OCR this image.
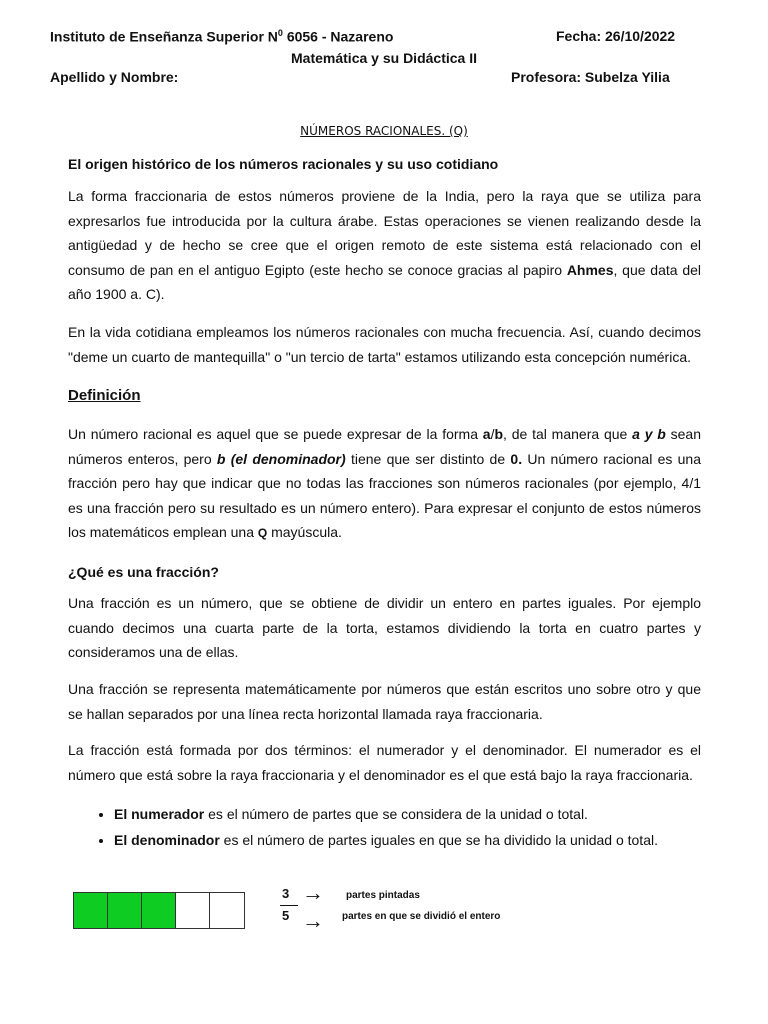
Instituto de Enseñanza Superior $N^0$ 6056 - Nazareno	Fecha: 26/10/2022
Matemática y su Didáctica II
Apellido y Nombre:	Profesora: Subelza Yilia
NÚMEROS RACIONALES. (Q)
El origen histórico de los números racionales y su uso cotidiano

La forma fraccionaria de estos números proviene de la India, pero la raya que se utiliza para expresarlos fue introducida por la cultura árabe. Estas operaciones se vienen realizando desde la antigüedad y de hecho se cree que el origen remoto de este sistema está relacionado con el consumo de pan en el antiguo Egipto (este hecho se conoce gracias al papiro Ahmes, que data del año 1900 a. C).

En la vida cotidiana empleamos los números racionales con mucha frecuencia. Así, cuando decimos "deme un cuarto de mantequilla" o "un tercio de tarta" estamos utilizando esta concepción numérica.

Definición

Un número racional es aquel que se puede expresar de la forma a/b, de tal manera que a y b sean números enteros, pero b (el denominador) tiene que ser distinto de 0. Un número racional es una fracción pero hay que indicar que no todas las fracciones son números racionales (por ejemplo, 4/1 es una fracción pero su resultado es un número entero). Para expresar el conjunto de estos números los matemáticos emplean una Q mayúscula.

¿Qué es una fracción?

Una fracción es un número, que se obtiene de dividir un entero en partes iguales. Por ejemplo cuando decimos una cuarta parte de la torta, estamos dividiendo la torta en cuatro partes y consideramos una de ellas.

Una fracción se representa matemáticamente por números que están escritos uno sobre otro y que se hallan separados por una línea recta horizontal llamada raya fraccionaria.

La fracción está formada por dos términos: el numerador y el denominador. El numerador es el número que está sobre la raya fraccionaria y el denominador es el que está bajo la raya fraccionaria.

• El numerador es el número de partes que se considera de la unidad o total.
• El denominador es el número de partes iguales en que se ha dividido la unidad o total.
3
5
→
→
partes pintadas
partes en que se dividió el entero
